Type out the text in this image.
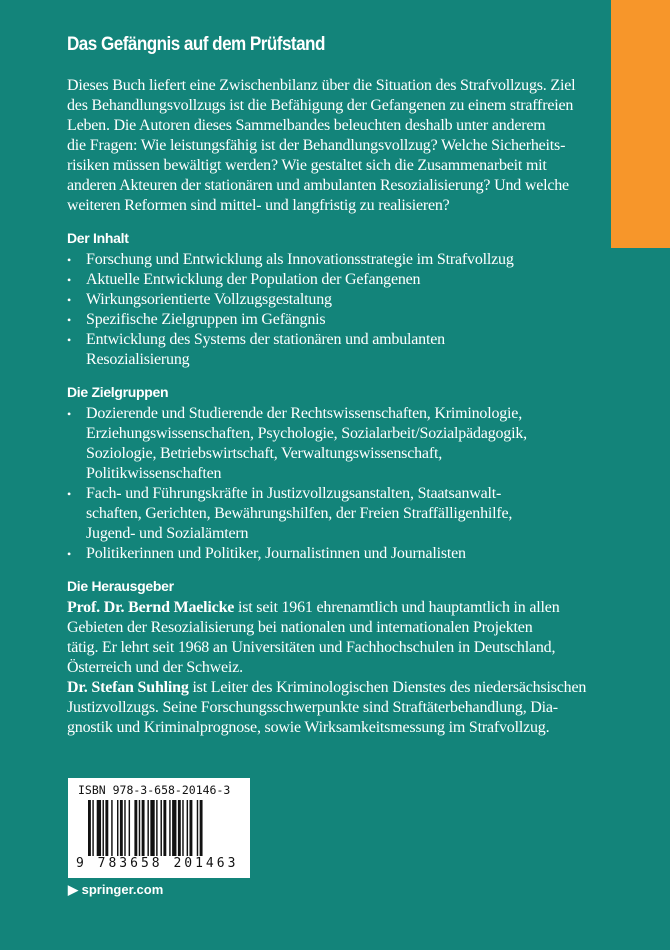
Das Gefängnis auf dem Prüfstand
Dieses Buch liefert eine Zwischenbilanz über die Situation des Strafvollzugs. Ziel
des Behandlungsvollzugs ist die Befähigung der Gefangenen zu einem straffreien
Leben. Die Autoren dieses Sammelbandes beleuchten deshalb unter anderem
die Fragen: Wie leistungsfähig ist der Behandlungsvollzug? Welche Sicherheits-
risiken müssen bewältigt werden? Wie gestaltet sich die Zusammenarbeit mit
anderen Akteuren der stationären und ambulanten Resozialisierung? Und welche
weiteren Reformen sind mittel- und langfristig zu realisieren?
Der Inhalt
• Forschung und Entwicklung als Innovationsstrategie im Strafvollzug
• Aktuelle Entwicklung der Population der Gefangenen
• Wirkungsorientierte Vollzugsgestaltung
• Spezifische Zielgruppen im Gefängnis
• Entwicklung des Systems der stationären und ambulanten
Resozialisierung
Die Zielgruppen
• Dozierende und Studierende der Rechtswissenschaften, Kriminologie,
Erziehungswissenschaften, Psychologie, Sozialarbeit/Sozialpädagogik,
Soziologie, Betriebswirtschaft, Verwaltungswissenschaft,
Politikwissenschaften
• Fach- und Führungskräfte in Justizvollzugsanstalten, Staatsanwalt-
schaften, Gerichten, Bewährungshilfen, der Freien Straffälligenhilfe,
Jugend- und Sozialämtern
• Politikerinnen und Politiker, Journalistinnen und Journalisten
Die Herausgeber
Prof. Dr. Bernd Maelicke ist seit 1961 ehrenamtlich und hauptamtlich in allen
Gebieten der Resozialisierung bei nationalen und internationalen Projekten
tätig. Er lehrt seit 1968 an Universitäten und Fachhochschulen in Deutschland,
Österreich und der Schweiz.
Dr. Stefan Suhling ist Leiter des Kriminologischen Dienstes des niedersächsischen
Justizvollzugs. Seine Forschungsschwerpunkte sind Straftäterbehandlung, Dia-
gnostik und Kriminalprognose, sowie Wirksamkeitsmessung im Strafvollzug.
ISBN 978-3-658-20146-3
9 783658 201463
▶ springer.com
